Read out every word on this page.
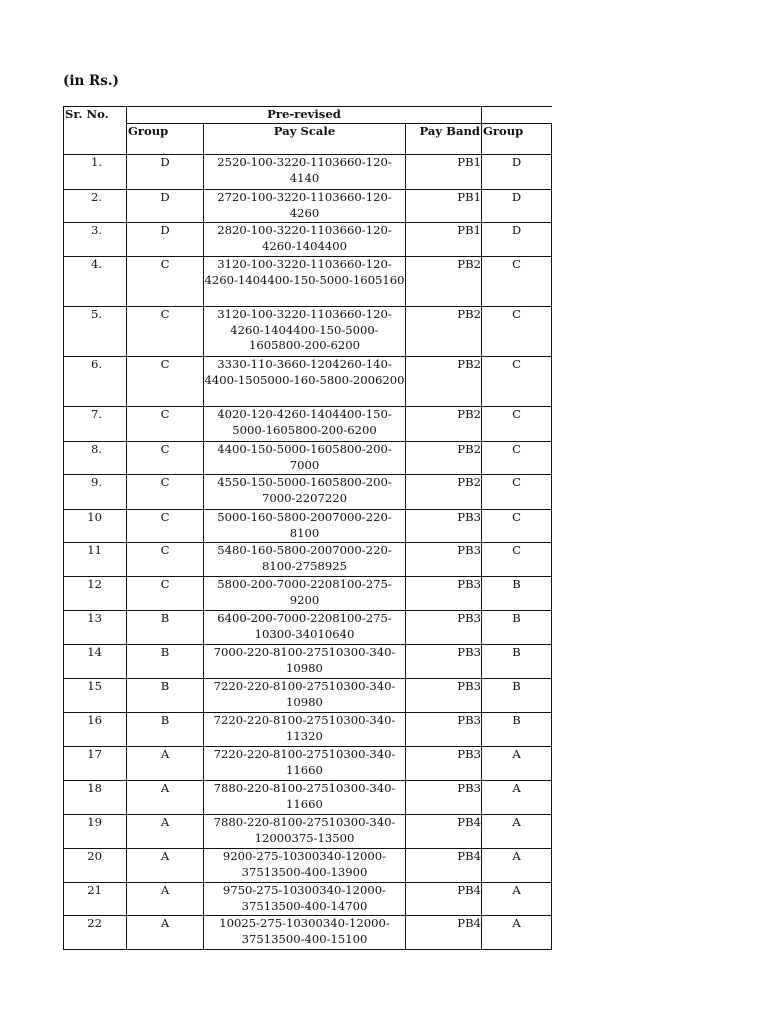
(in Rs.)
Sr. No.	Pre-revised			
	Group	Pay Scale	Pay Band	Group
1.	D	2520-100-3220-1103660-120-4140	PB1	D
2.	D	2720-100-3220-1103660-120-4260	PB1	D
3.	D	2820-100-3220-1103660-120-4260-1404400	PB1	D
4.	C	3120-100-3220-1103660-120-4260-1404400-150-5000-1605160	PB2	C
5.	C	3120-100-3220-1103660-120-4260-1404400-150-5000-1605800-200-6200	PB2	C
6.	C	3330-110-3660-1204260-140-4400-1505000-160-5800-2006200	PB2	C
7.	C	4020-120-4260-1404400-150-5000-1605800-200-6200	PB2	C
8.	C	4400-150-5000-1605800-200-7000	PB2	C
9.	C	4550-150-5000-1605800-200-7000-2207220	PB2	C
10	C	5000-160-5800-2007000-220-8100	PB3	C
11	C	5480-160-5800-2007000-220-8100-2758925	PB3	C
12	C	5800-200-7000-2208100-275-9200	PB3	B
13	B	6400-200-7000-2208100-275-10300-34010640	PB3	B
14	B	7000-220-8100-27510300-340-10980	PB3	B
15	B	7220-220-8100-27510300-340-10980	PB3	B
16	B	7220-220-8100-27510300-340-11320	PB3	B
17	A	7220-220-8100-27510300-340-11660	PB3	A
18	A	7880-220-8100-27510300-340-11660	PB3	A
19	A	7880-220-8100-27510300-340-12000375-13500	PB4	A
20	A	9200-275-10300340-12000-37513500-400-13900	PB4	A
21	A	9750-275-10300340-12000-37513500-400-14700	PB4	A
22	A	10025-275-10300340-12000-37513500-400-15100	PB4	A
